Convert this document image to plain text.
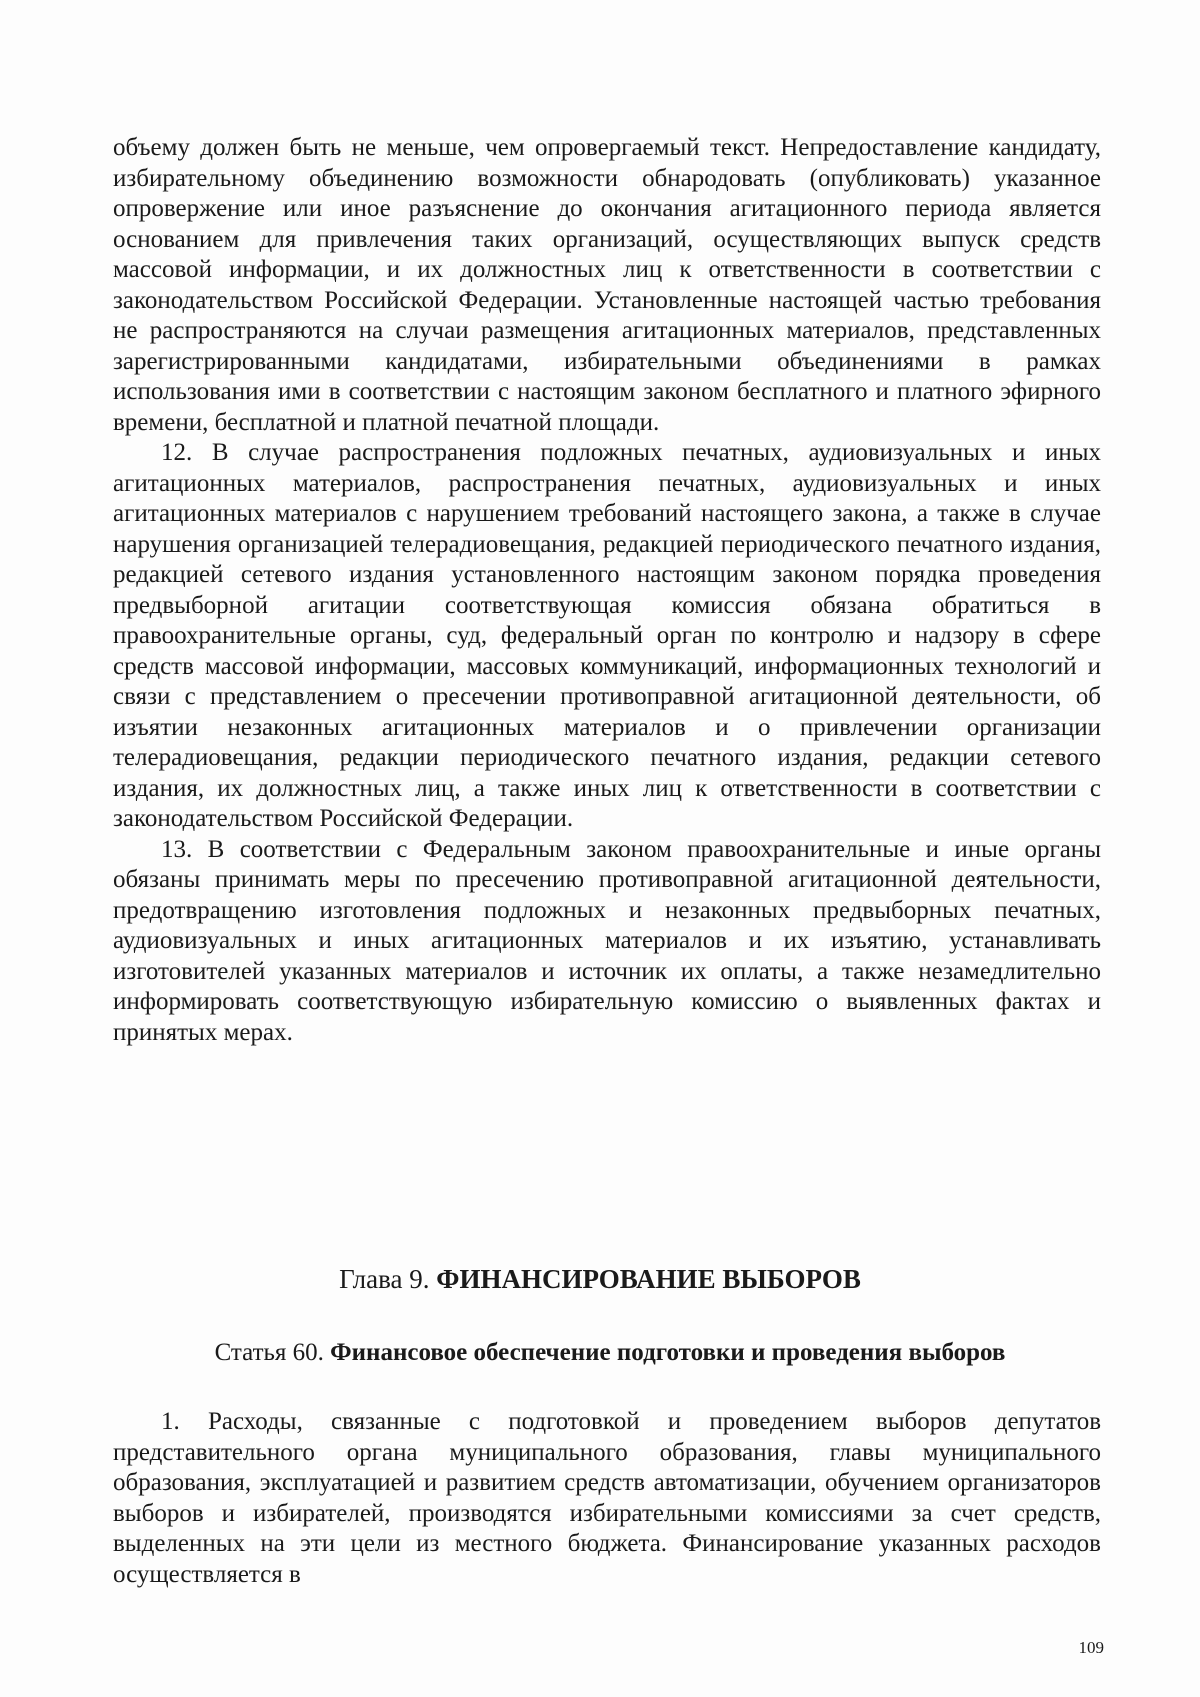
объему должен быть не меньше, чем опровергаемый текст. Непредоставление кандидату, избирательному объединению возможности обнародовать (опубликовать) указанное опровержение или иное разъяснение до окончания агитационного периода является основанием для привлечения таких организаций, осуществляющих выпуск средств массовой информации, и их должностных лиц к ответственности в соответствии с законодательством Российской Федерации. Установленные настоящей частью требования не распространяются на случаи размещения агитационных материалов, представленных зарегистрированными кандидатами, избирательными объединениями в рамках использования ими в соответствии с настоящим законом бесплатного и платного эфирного времени, бесплатной и платной печатной площади.

12. В случае распространения подложных печатных, аудиовизуальных и иных агитационных материалов, распространения печатных, аудиовизуальных и иных агитационных материалов с нарушением требований настоящего закона, а также в случае нарушения организацией телерадиовещания, редакцией периодического печатного издания, редакцией сетевого издания установленного настоящим законом порядка проведения предвыборной агитации соответствующая комиссия обязана обратиться в правоохранительные органы, суд, федеральный орган по контролю и надзору в сфере средств массовой информации, массовых коммуникаций, информационных технологий и связи с представлением о пресечении противоправной агитационной деятельности, об изъятии незаконных агитационных материалов и о привлечении организации телерадиовещания, редакции периодического печатного издания, редакции сетевого издания, их должностных лиц, а также иных лиц к ответственности в соответствии с законодательством Российской Федерации.

13. В соответствии с Федеральным законом правоохранительные и иные органы обязаны принимать меры по пресечению противоправной агитационной деятельности, предотвращению изготовления подложных и незаконных предвыборных печатных, аудиовизуальных и иных агитационных материалов и их изъятию, устанавливать изготовителей указанных материалов и источник их оплаты, а также незамедлительно информировать соответствующую избирательную комиссию о выявленных фактах и принятых мерах.

Глава 9. ФИНАНСИРОВАНИЕ ВЫБОРОВ
Статья 60. Финансовое обеспечение подготовки и проведения выборов

1. Расходы, связанные с подготовкой и проведением выборов депутатов представительного органа муниципального образования, главы муниципального образования, эксплуатацией и развитием средств автоматизации, обучением организаторов выборов и избирателей, производятся избирательными комиссиями за счет средств, выделенных на эти цели из местного бюджета. Финансирование указанных расходов осуществляется в

109
